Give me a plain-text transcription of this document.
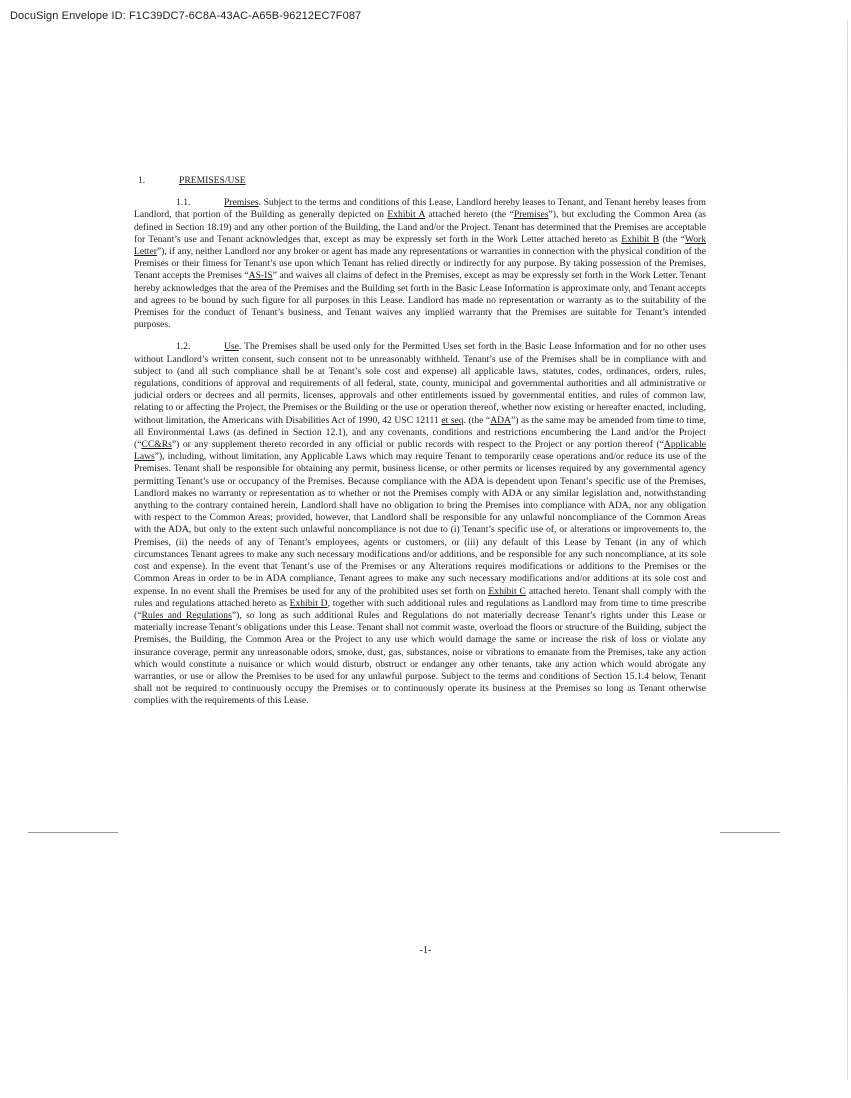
DocuSign Envelope ID: F1C39DC7-6C8A-43AC-A65B-96212EC7F087
1.	PREMISES/USE

1.1.	Premises. Subject to the terms and conditions of this Lease, Landlord hereby leases to Tenant, and Tenant hereby leases from Landlord, that portion of the Building as generally depicted on Exhibit A attached hereto (the “Premises”), but excluding the Common Area (as defined in Section 18.19) and any other portion of the Building, the Land and/or the Project. Tenant has determined that the Premises are acceptable for Tenant’s use and Tenant acknowledges that, except as may be expressly set forth in the Work Letter attached hereto as Exhibit B (the “Work Letter”), if any, neither Landlord nor any broker or agent has made any representations or warranties in connection with the physical condition of the Premises or their fitness for Tenant’s use upon which Tenant has relied directly or indirectly for any purpose. By taking possession of the Premises, Tenant accepts the Premises “AS-IS” and waives all claims of defect in the Premises, except as may be expressly set forth in the Work Letter. Tenant hereby acknowledges that the area of the Premises and the Building set forth in the Basic Lease Information is approximate only, and Tenant accepts and agrees to be bound by such figure for all purposes in this Lease. Landlord has made no representation or warranty as to the suitability of the Premises for the conduct of Tenant’s business, and Tenant waives any implied warranty that the Premises are suitable for Tenant’s intended purposes.

1.2.	Use. The Premises shall be used only for the Permitted Uses set forth in the Basic Lease Information and for no other uses without Landlord’s written consent, such consent not to be unreasonably withheld. Tenant’s use of the Premises shall be in compliance with and subject to (and all such compliance shall be at Tenant’s sole cost and expense) all applicable laws, statutes, codes, ordinances, orders, rules, regulations, conditions of approval and requirements of all federal, state, county, municipal and governmental authorities and all administrative or judicial orders or decrees and all permits, licenses, approvals and other entitlements issued by governmental entities, and rules of common law, relating to or affecting the Project, the Premises or the Building or the use or operation thereof, whether now existing or hereafter enacted, including, without limitation, the Americans with Disabilities Act of 1990, 42 USC 12111 et seq. (the “ADA”) as the same may be amended from time to time, all Environmental Laws (as defined in Section 12.1), and any covenants, conditions and restrictions encumbering the Land and/or the Project (“CC&Rs”) or any supplement thereto recorded in any official or public records with respect to the Project or any portion thereof (“Applicable Laws”), including, without limitation, any Applicable Laws which may require Tenant to temporarily cease operations and/or reduce its use of the Premises. Tenant shall be responsible for obtaining any permit, business license, or other permits or licenses required by any governmental agency permitting Tenant’s use or occupancy of the Premises. Because compliance with the ADA is dependent upon Tenant’s specific use of the Premises, Landlord makes no warranty or representation as to whether or not the Premises comply with ADA or any similar legislation and, notwithstanding anything to the contrary contained herein, Landlord shall have no obligation to bring the Premises into compliance with ADA, nor any obligation with respect to the Common Areas; provided, however, that Landlord shall be responsible for any unlawful noncompliance of the Common Areas with the ADA, but only to the extent such unlawful noncompliance is not due to (i) Tenant’s specific use of, or alterations or improvements to, the Premises, (ii) the needs of any of Tenant’s employees, agents or customers, or (iii) any default of this Lease by Tenant (in any of which circumstances Tenant agrees to make any such necessary modifications and/or additions, and be responsible for any such noncompliance, at its sole cost and expense). In the event that Tenant’s use of the Premises or any Alterations requires modifications or additions to the Premises or the Common Areas in order to be in ADA compliance, Tenant agrees to make any such necessary modifications and/or additions at its sole cost and expense. In no event shall the Premises be used for any of the prohibited uses set forth on Exhibit C attached hereto. Tenant shall comply with the rules and regulations attached hereto as Exhibit D, together with such additional rules and regulations as Landlord may from time to time prescribe (“Rules and Regulations”), so long as such additional Rules and Regulations do not materially decrease Tenant’s rights under this Lease or materially increase Tenant’s obligations under this Lease. Tenant shall not commit waste, overload the floors or structure of the Building, subject the Premises, the Building, the Common Area or the Project to any use which would damage the same or increase the risk of loss or violate any insurance coverage, permit any unreasonable odors, smoke, dust, gas, substances, noise or vibrations to emanate from the Premises, take any action which would constitute a nuisance or which would disturb, obstruct or endanger any other tenants, take any action which would abrogate any warranties, or use or allow the Premises to be used for any unlawful purpose. Subject to the terms and conditions of Section 15.1.4 below, Tenant shall not be required to continuously occupy the Premises or to continuously operate its business at the Premises so long as Tenant otherwise complies with the requirements of this Lease.

-1-
